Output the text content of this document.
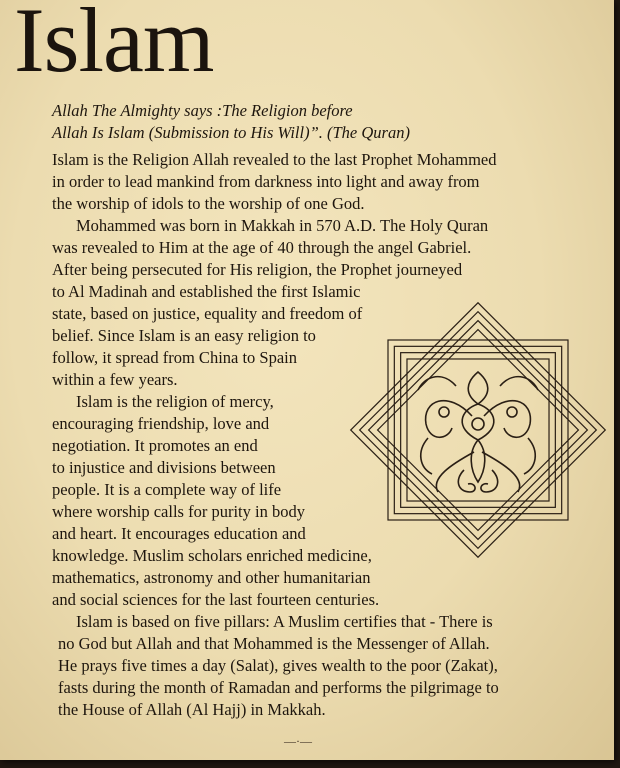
Islam

Allah The Almighty says :The Religion before
Allah Is Islam (Submission to His Will)”. (The Quran)

Islam is the Religion Allah revealed to the last Prophet Mohammed
in order to lead mankind from darkness into light and away from
the worship of idols to the worship of one God.
Mohammed was born in Makkah in 570 A.D. The Holy Quran
was revealed to Him at the age of 40 through the angel Gabriel.
After being persecuted for His religion, the Prophet journeyed
to Al Madinah and established the first Islamic
state, based on justice, equality and freedom of
belief. Since Islam is an easy religion to
follow, it spread from China to Spain
within a few years.
Islam is the religion of mercy,
encouraging friendship, love and
negotiation. It promotes an end
to injustice and divisions between
people. It is a complete way of life
where worship calls for purity in body
and heart. It encourages education and
knowledge. Muslim scholars enriched medicine,
mathematics, astronomy and other humanitarian
and social sciences for the last fourteen centuries.
Islam is based on five pillars: A Muslim certifies that - There is
no God but Allah and that Mohammed is the Messenger of Allah.
He prays five times a day (Salat), gives wealth to the poor (Zakat),
fasts during the month of Ramadan and performs the pilgrimage to
the House of Allah (Al Hajj) in Makkah.
—·—
